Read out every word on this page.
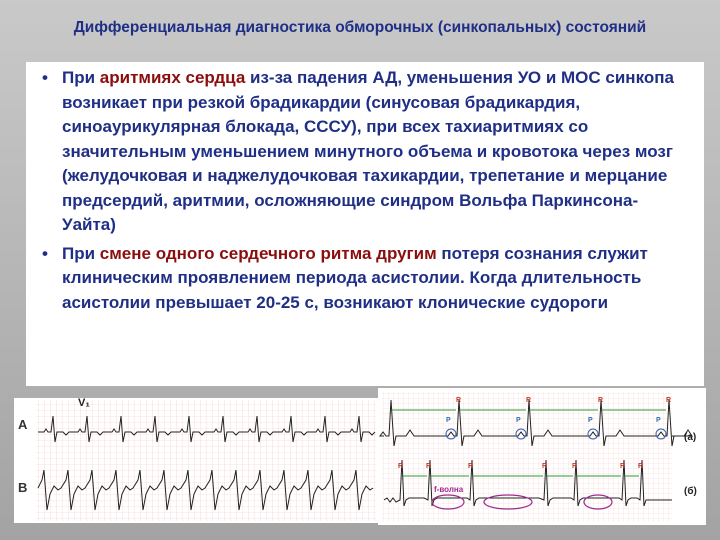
Дифференциальная диагностика обморочных (синкопальных) состояний
• При аритмиях сердца из-за падения АД, уменьшения УО и МОС синкопа возникает при резкой брадикардии (синусовая брадикардия, синоаурикулярная блокада, СССУ), при всех тахиаритмиях со значительным уменьшением минутного объема и кровотока через мозг (желудочковая и наджелудочковая тахикардии, трепетание и мерцание предсердий, аритмии, осложняющие синдром Вольфа Паркинсона-Уайта)
• При смене одного сердечного ритма другим потеря сознания служит клиническим проявлением периода асистолии. Когда длительность асистолии превышает 20-25 с, возникают клонические судороги
V₁
A
B
R	R	R	R
P	P	P	P
R	R	R	R	R	R R
f-волна
(а)
(б)
